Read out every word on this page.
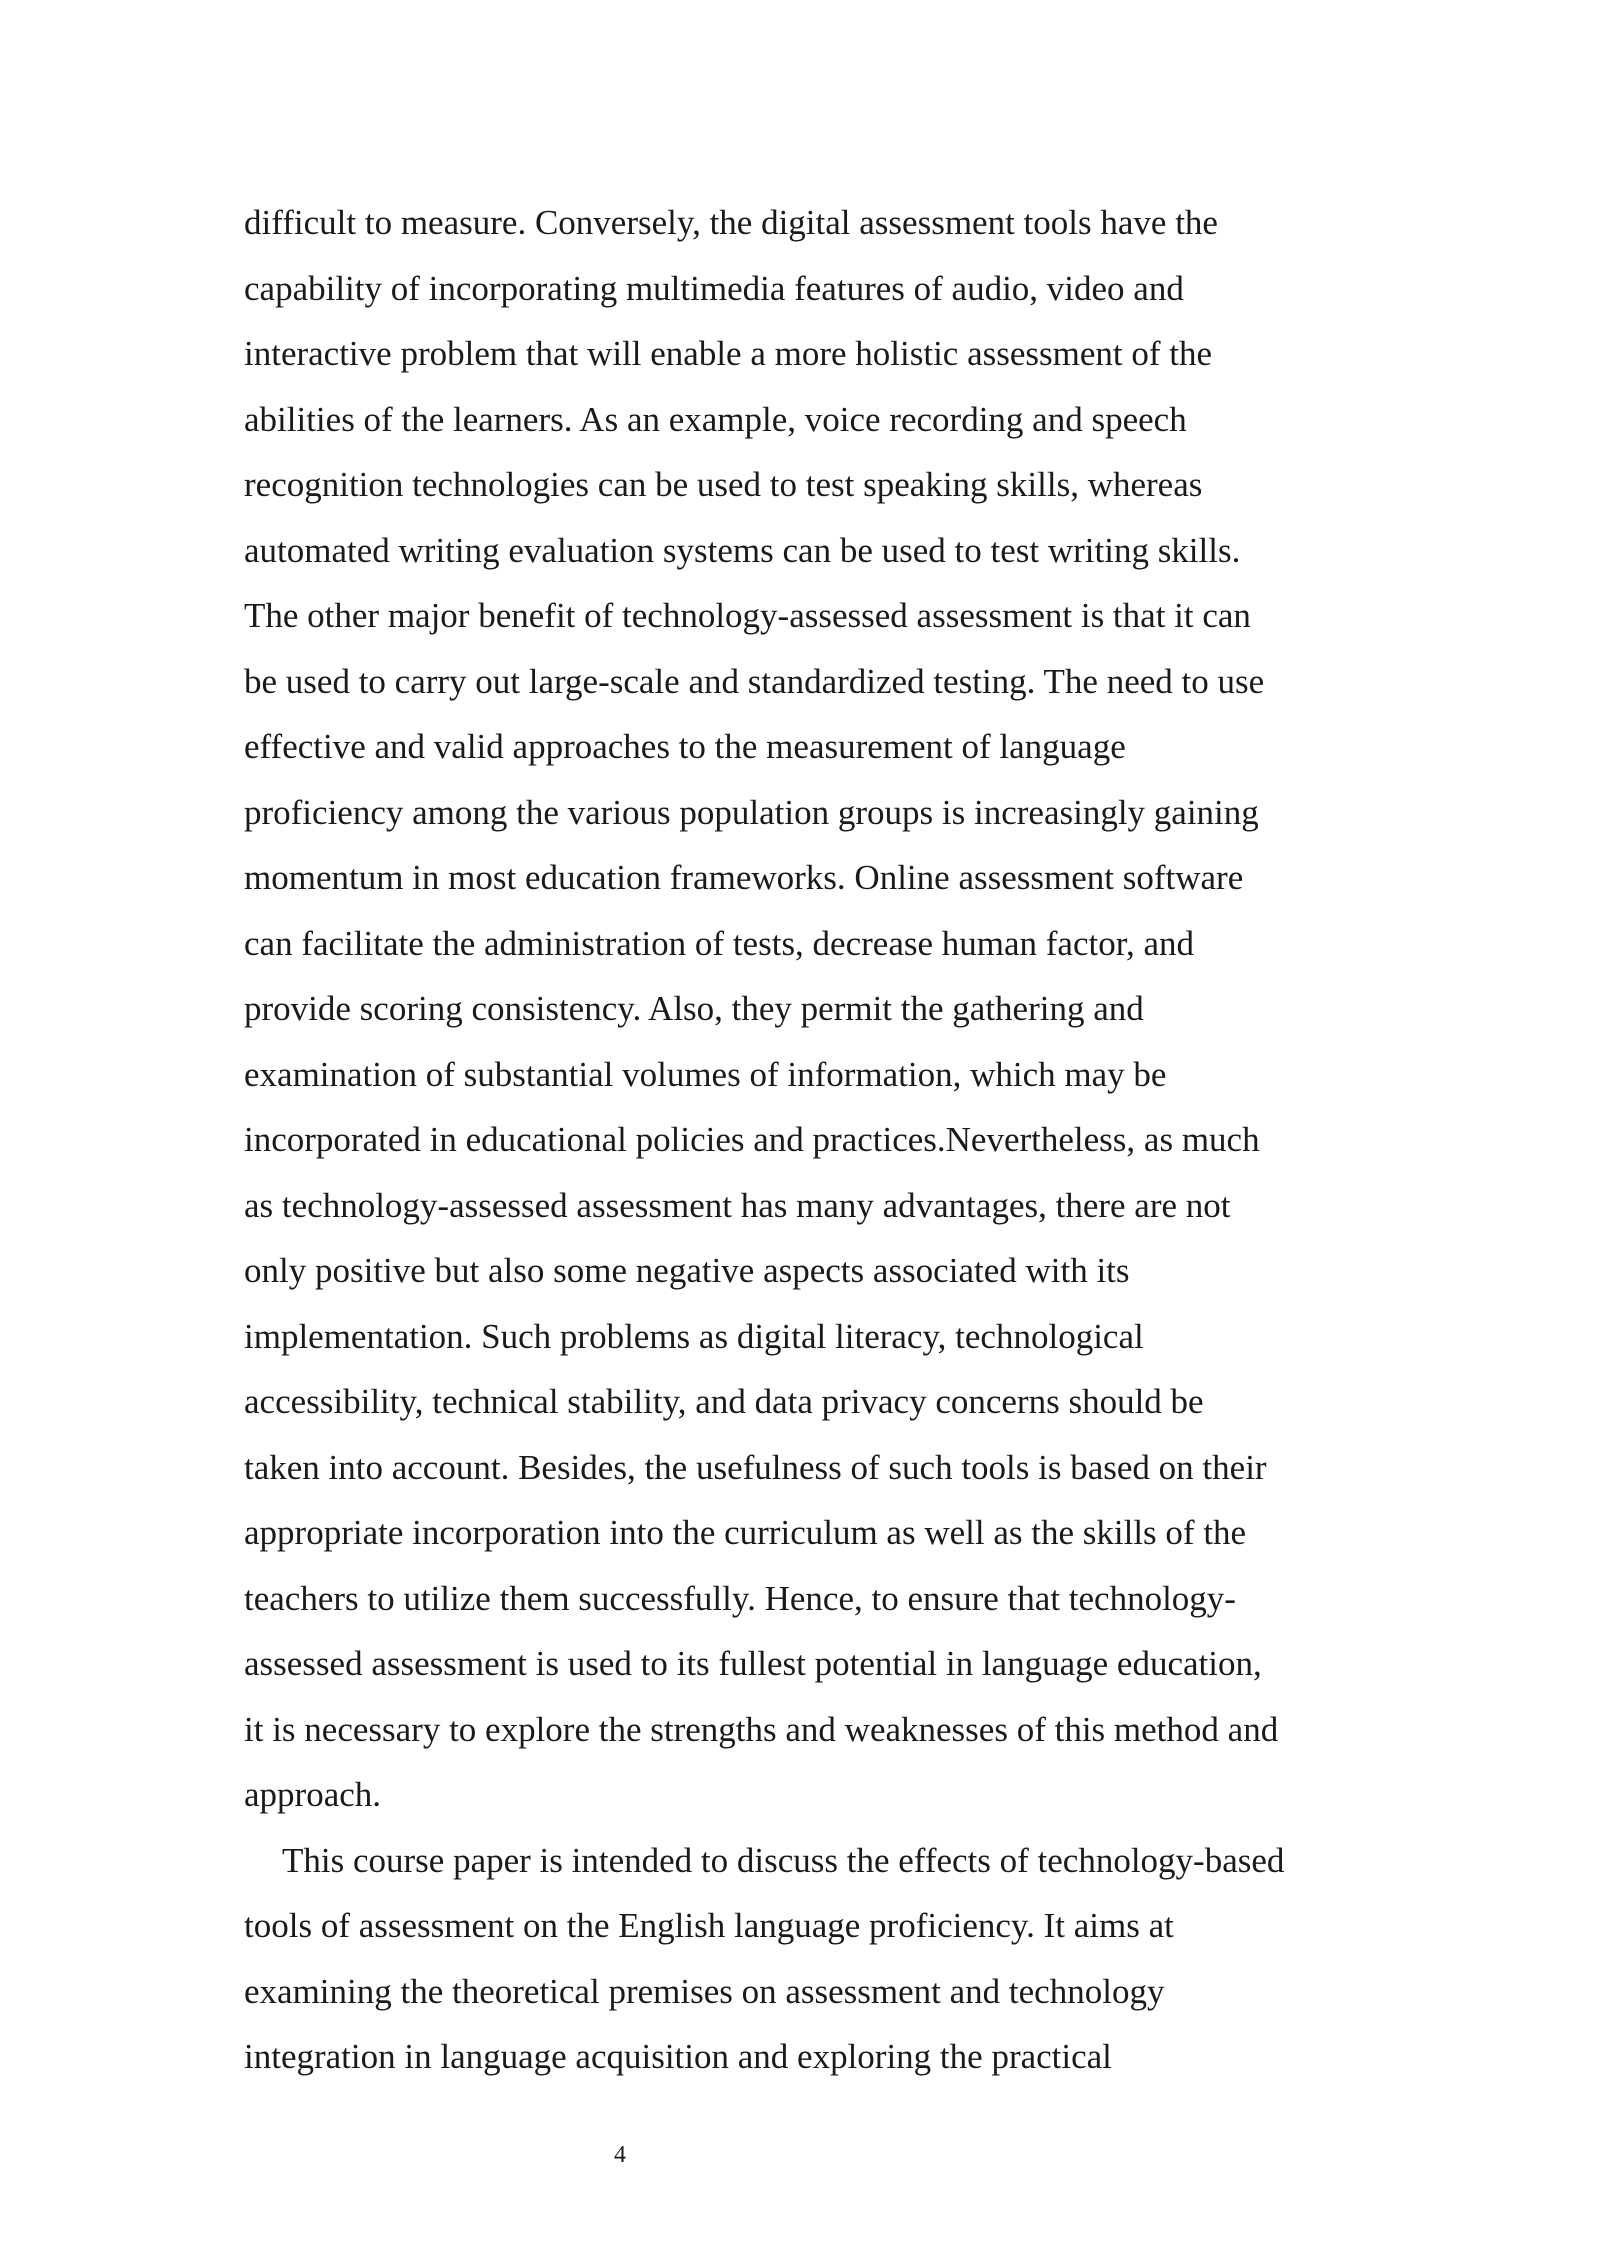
difficult to measure. Conversely, the digital assessment tools have the
capability of incorporating multimedia features of audio, video and
interactive problem that will enable a more holistic assessment of the
abilities of the learners. As an example, voice recording and speech
recognition technologies can be used to test speaking skills, whereas
automated writing evaluation systems can be used to test writing skills.
The other major benefit of technology-assessed assessment is that it can
be used to carry out large-scale and standardized testing. The need to use
effective and valid approaches to the measurement of language
proficiency among the various population groups is increasingly gaining
momentum in most education frameworks. Online assessment software
can facilitate the administration of tests, decrease human factor, and
provide scoring consistency. Also, they permit the gathering and
examination of substantial volumes of information, which may be
incorporated in educational policies and practices.Nevertheless, as much
as technology-assessed assessment has many advantages, there are not
only positive but also some negative aspects associated with its
implementation. Such problems as digital literacy, technological
accessibility, technical stability, and data privacy concerns should be
taken into account. Besides, the usefulness of such tools is based on their
appropriate incorporation into the curriculum as well as the skills of the
teachers to utilize them successfully. Hence, to ensure that technology-
assessed assessment is used to its fullest potential in language education,
it is necessary to explore the strengths and weaknesses of this method and
approach.
This course paper is intended to discuss the effects of technology-based
tools of assessment on the English language proficiency. It aims at
examining the theoretical premises on assessment and technology
integration in language acquisition and exploring the practical
4
